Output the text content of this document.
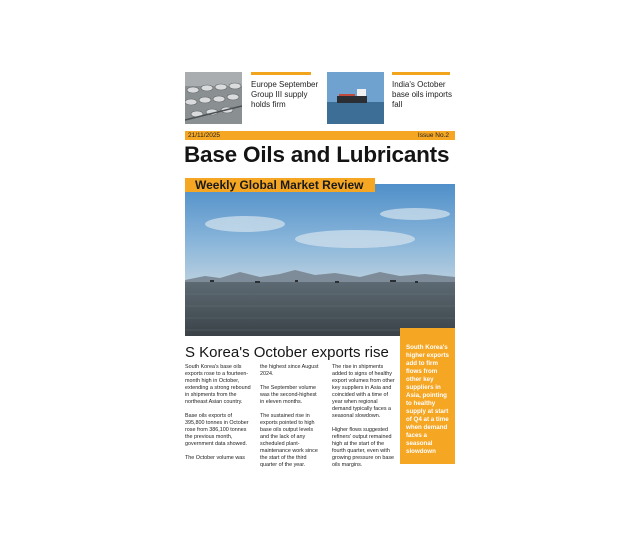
Europe September Group III supply holds firm
India's October base oils imports fall
21/11/2025	Issue No.2
Base Oils and Lubricants
Weekly Global Market Review
South Korea's higher exports add to firm flows from other key suppliers in Asia, pointing to healthy supply at start of Q4 at a time when demand faces a seasonal slowdown
S Korea's October exports rise

South Korea's base oils exports rose to a fourteen-month high in October, extending a strong rebound in shipments from the northeast Asian country.

Base oils exports of 395,800 tonnes in October rose from 386,100 tonnes the previous month, government data showed.

The October volume was

the highest since August 2024.

The September volume was the second-highest in eleven months.

The sustained rise in exports pointed to high base oils output levels and the lack of any scheduled plant-maintenance work since the start of the third quarter of the year.

The rise in shipments added to signs of healthy export volumes from other key suppliers in Asia and coincided with a time of year when regional demand typically faces a seasonal slowdown.

Higher flows suggested refiners' output remained high at the start of the fourth quarter, even with growing pressure on base oils margins.
